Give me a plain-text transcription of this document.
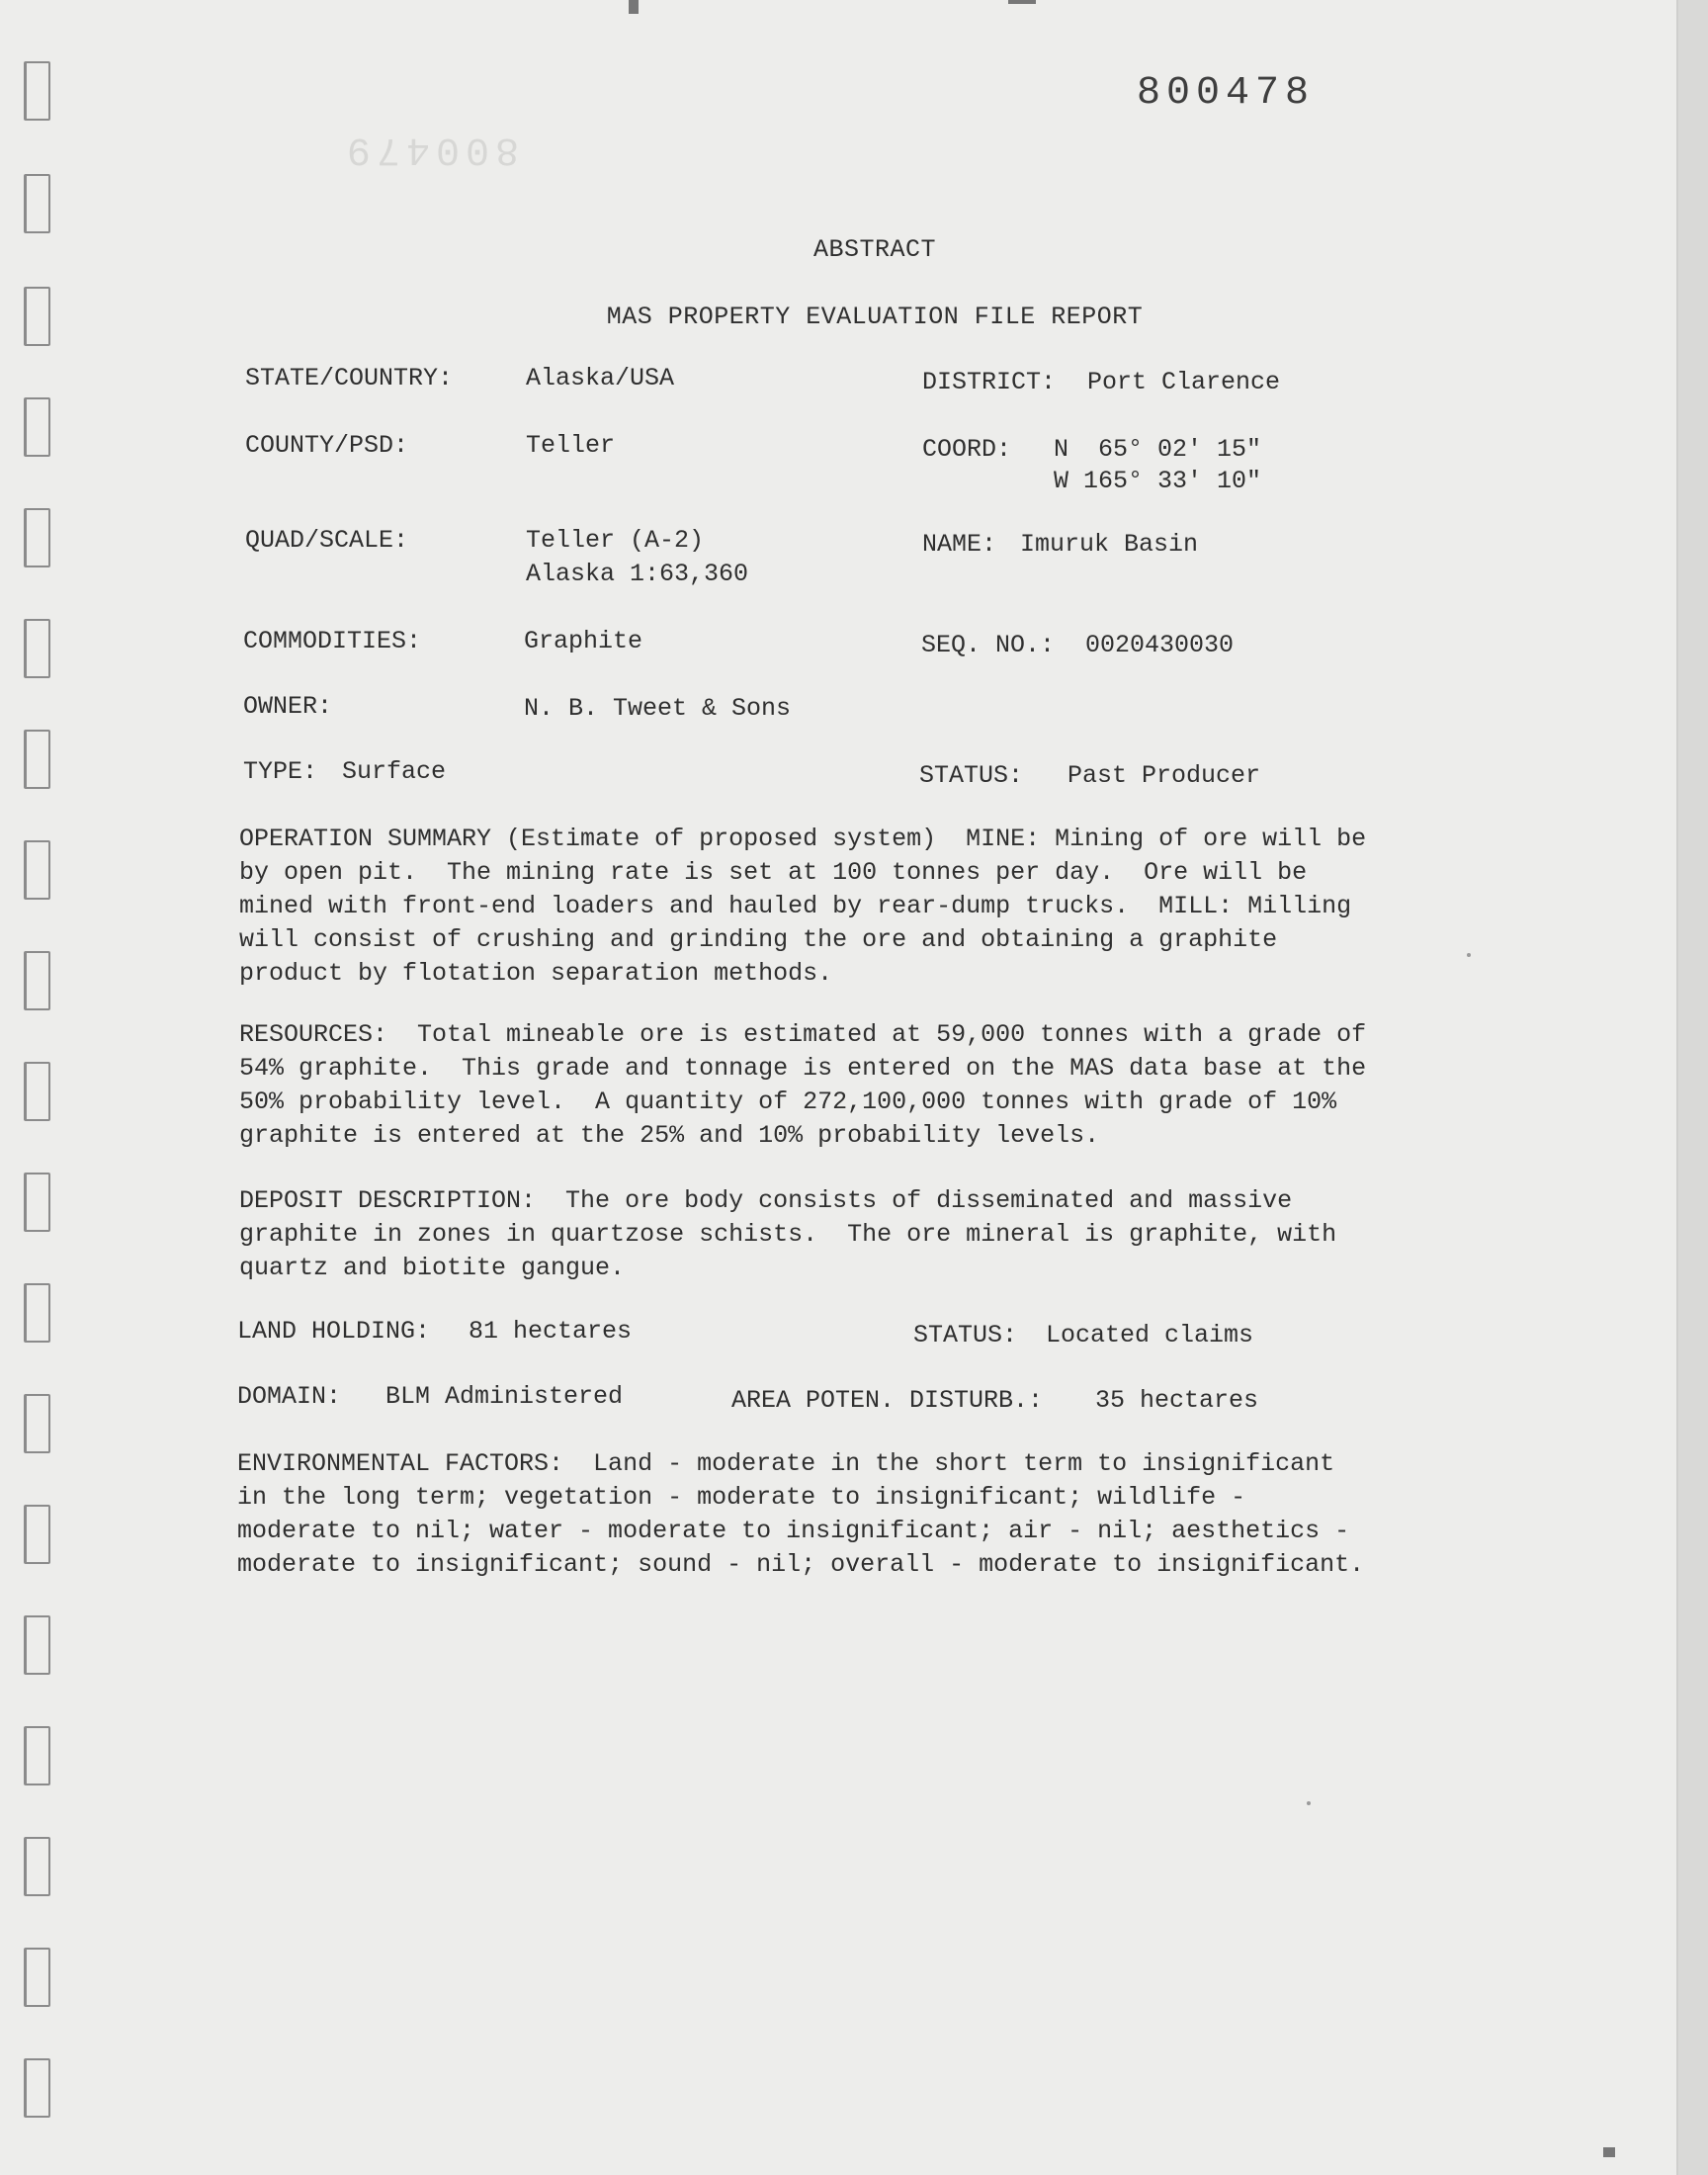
800479
800478
ABSTRACT
MAS PROPERTY EVALUATION FILE REPORT
STATE/COUNTRY:	Alaska/USA	DISTRICT: Port Clarence
COUNTY/PSD:	Teller	COORD: N  65° 02' 15"
W 165° 33' 10"
QUAD/SCALE:	Teller (A-2)
Alaska 1:63,360
NAME: Imuruk Basin
COMMODITIES:	Graphite	SEQ. NO.: 0020430030
OWNER:	N. B. Tweet & Sons
TYPE: Surface	STATUS: Past Producer
OPERATION SUMMARY (Estimate of proposed system)  MINE: Mining of ore will be
by open pit.  The mining rate is set at 100 tonnes per day.  Ore will be
mined with front-end loaders and hauled by rear-dump trucks.  MILL: Milling
will consist of crushing and grinding the ore and obtaining a graphite
product by flotation separation methods.
RESOURCES:  Total mineable ore is estimated at 59,000 tonnes with a grade of
54% graphite.  This grade and tonnage is entered on the MAS data base at the
50% probability level.  A quantity of 272,100,000 tonnes with grade of 10%
graphite is entered at the 25% and 10% probability levels.
DEPOSIT DESCRIPTION:  The ore body consists of disseminated and massive
graphite in zones in quartzose schists.  The ore mineral is graphite, with
quartz and biotite gangue.
LAND HOLDING: 81 hectares	STATUS: Located claims
DOMAIN: BLM Administered	AREA POTEN. DISTURB.: 35 hectares
ENVIRONMENTAL FACTORS:  Land - moderate in the short term to insignificant
in the long term; vegetation - moderate to insignificant; wildlife -
moderate to nil; water - moderate to insignificant; air - nil; aesthetics -
moderate to insignificant; sound - nil; overall - moderate to insignificant.
